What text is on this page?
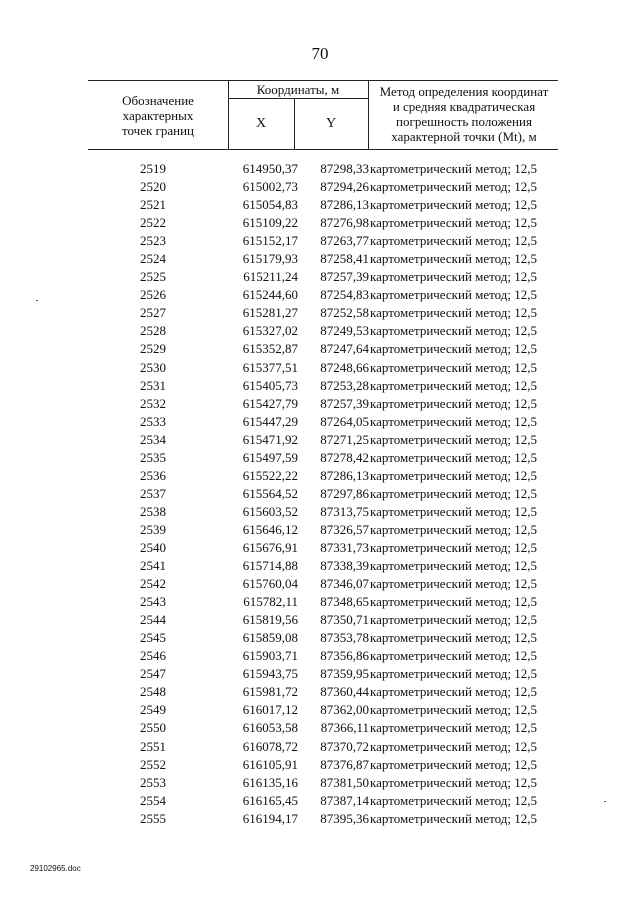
70
Обозначение
характерных
точек границ
Координаты, м
X	Y
Метод определения координат
и средняя квадратическая
погрешность положения
характерной точки (Mt), м
2519	614950,37	87298,33 картометрический метод; 12,5
2520	615002,73	87294,26 картометрический метод; 12,5
2521	615054,83	87286,13 картометрический метод; 12,5
2522	615109,22	87276,98 картометрический метод; 12,5
2523	615152,17	87263,77 картометрический метод; 12,5
2524	615179,93	87258,41 картометрический метод; 12,5
2525	615211,24	87257,39 картометрический метод; 12,5
2526	615244,60	87254,83 картометрический метод; 12,5
2527	615281,27	87252,58 картометрический метод; 12,5
2528	615327,02	87249,53 картометрический метод; 12,5
2529	615352,87	87247,64 картометрический метод; 12,5
2530	615377,51	87248,66 картометрический метод; 12,5
2531	615405,73	87253,28 картометрический метод; 12,5
2532	615427,79	87257,39 картометрический метод; 12,5
2533	615447,29	87264,05 картометрический метод; 12,5
2534	615471,92	87271,25 картометрический метод; 12,5
2535	615497,59	87278,42 картометрический метод; 12,5
2536	615522,22	87286,13 картометрический метод; 12,5
2537	615564,52	87297,86 картометрический метод; 12,5
2538	615603,52	87313,75 картометрический метод; 12,5
2539	615646,12	87326,57 картометрический метод; 12,5
2540	615676,91	87331,73 картометрический метод; 12,5
2541	615714,88	87338,39 картометрический метод; 12,5
2542	615760,04	87346,07 картометрический метод; 12,5
2543	615782,11	87348,65 картометрический метод; 12,5
2544	615819,56	87350,71 картометрический метод; 12,5
2545	615859,08	87353,78 картометрический метод; 12,5
2546	615903,71	87356,86 картометрический метод; 12,5
2547	615943,75	87359,95 картометрический метод; 12,5
2548	615981,72	87360,44 картометрический метод; 12,5
2549	616017,12	87362,00 картометрический метод; 12,5
2550	616053,58	87366,11 картометрический метод; 12,5
2551	616078,72	87370,72 картометрический метод; 12,5
2552	616105,91	87376,87 картометрический метод; 12,5
2553	616135,16	87381,50 картометрический метод; 12,5
2554	616165,45	87387,14 картометрический метод; 12,5
2555	616194,17	87395,36 картометрический метод; 12,5
29102965.doc
